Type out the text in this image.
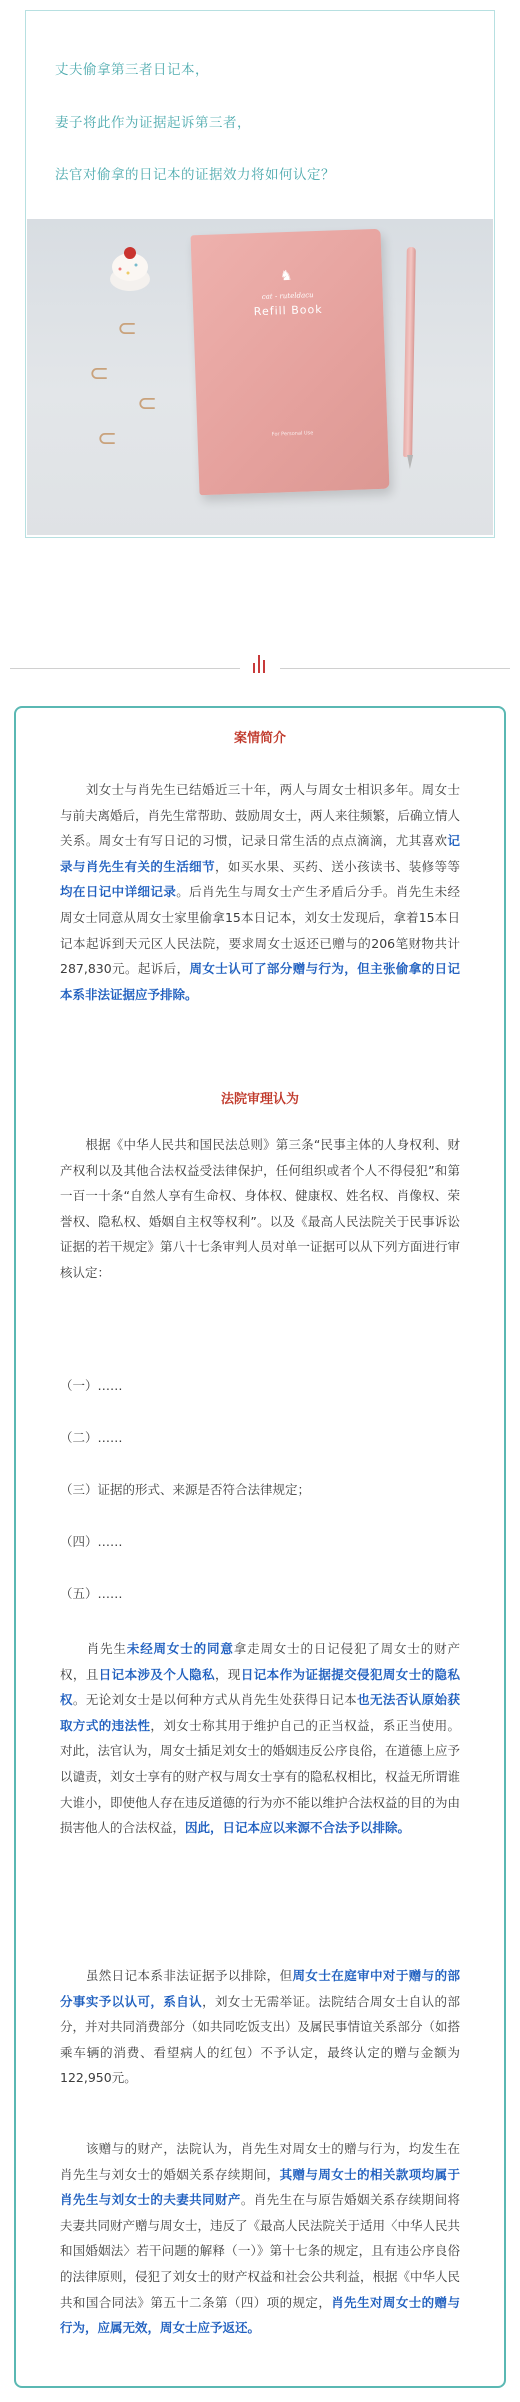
丈夫偷拿第三者日记本，
妻子将此作为证据起诉第三者，
法官对偷拿的日记本的证据效力将如何认定？
⊂
⊂
⊂
⊂
♞
cat - ruteldacu
Refill Book
For Personal Use
案情简介

　　刘女士与肖先生已结婚近三十年，两人与周女士相识多年。周女士与前夫离婚后，肖先生常帮助、鼓励周女士，两人来往频繁，后确立情人关系。周女士有写日记的习惯，记录日常生活的点点滴滴，尤其喜欢记录与肖先生有关的生活细节，如买水果、买药、送小孩读书、装修等等均在日记中详细记录。后肖先生与周女士产生矛盾后分手。肖先生未经周女士同意从周女士家里偷拿15本日记本，刘女士发现后，拿着15本日记本起诉到天元区人民法院，要求周女士返还已赠与的206笔财物共计287,830元。起诉后，周女士认可了部分赠与行为，但主张偷拿的日记本系非法证据应予排除。

法院审理认为

　　根据《中华人民共和国民法总则》第三条“民事主体的人身权利、财产权利以及其他合法权益受法律保护，任何组织或者个人不得侵犯”和第一百一十条“自然人享有生命权、身体权、健康权、姓名权、肖像权、荣誉权、隐私权、婚姻自主权等权利”。以及《最高人民法院关于民事诉讼证据的若干规定》第八十七条审判人员对单一证据可以从下列方面进行审核认定：

（一）……
（二）……
（三）证据的形式、来源是否符合法律规定；
（四）……
（五）……

　　肖先生未经周女士的同意拿走周女士的日记侵犯了周女士的财产权，且日记本涉及个人隐私，现日记本作为证据提交侵犯周女士的隐私权。无论刘女士是以何种方式从肖先生处获得日记本也无法否认原始获取方式的违法性，刘女士称其用于维护自己的正当权益，系正当使用。对此，法官认为，周女士插足刘女士的婚姻违反公序良俗，在道德上应予以谴责，刘女士享有的财产权与周女士享有的隐私权相比，权益无所谓谁大谁小，即使他人存在违反道德的行为亦不能以维护合法权益的目的为由损害他人的合法权益，因此，日记本应以来源不合法予以排除。

　　虽然日记本系非法证据予以排除，但周女士在庭审中对于赠与的部分事实予以认可，系自认，刘女士无需举证。法院结合周女士自认的部分，并对共同消费部分（如共同吃饭支出）及属民事情谊关系部分（如搭乘车辆的消费、看望病人的红包）不予认定，最终认定的赠与金额为122,950元。

　　该赠与的财产，法院认为，肖先生对周女士的赠与行为，均发生在肖先生与刘女士的婚姻关系存续期间，其赠与周女士的相关款项均属于肖先生与刘女士的夫妻共同财产。肖先生在与原告婚姻关系存续期间将夫妻共同财产赠与周女士，违反了《最高人民法院关于适用〈中华人民共和国婚姻法〉若干问题的解释（一）》第十七条的规定，且有违公序良俗的法律原则，侵犯了刘女士的财产权益和社会公共利益，根据《中华人民共和国合同法》第五十二条第（四）项的规定，肖先生对周女士的赠与行为，应属无效，周女士应予返还。
